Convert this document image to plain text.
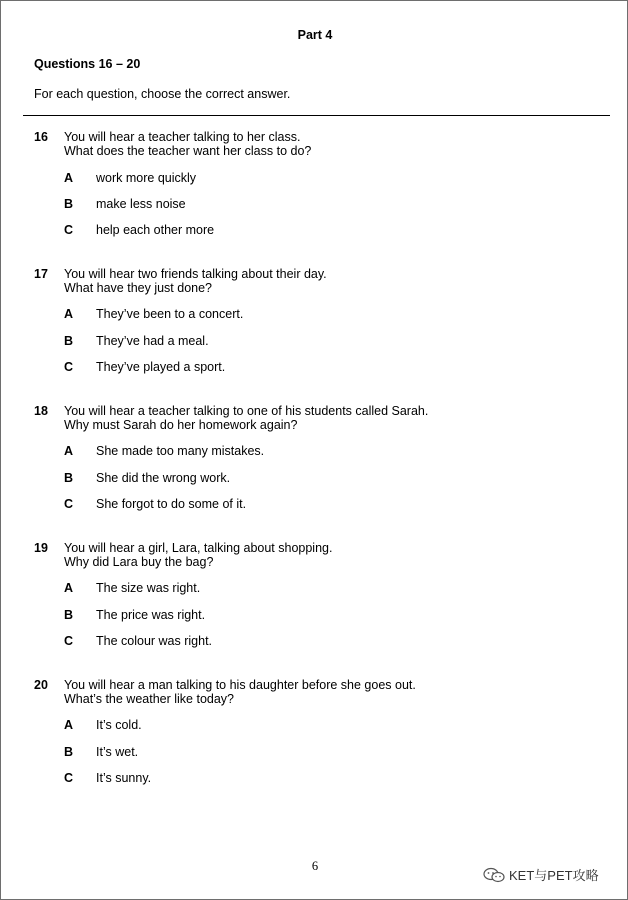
Part 4
Questions 16 – 20
For each question, choose the correct answer.
16 You will hear a teacher talking to her class.
What does the teacher want her class to do?
A work more quickly
B make less noise
C help each other more
17 You will hear two friends talking about their day.
What have they just done?
A They’ve been to a concert.
B They’ve had a meal.
C They’ve played a sport.
18 You will hear a teacher talking to one of his students called Sarah.
Why must Sarah do her homework again?
A She made too many mistakes.
B She did the wrong work.
C She forgot to do some of it.
19 You will hear a girl, Lara, talking about shopping.
Why did Lara buy the bag?
A The size was right.
B The price was right.
C The colour was right.
20 You will hear a man talking to his daughter before she goes out.
What’s the weather like today?
A It’s cold.
B It’s wet.
C It’s sunny.
6
KET与PET攻略
